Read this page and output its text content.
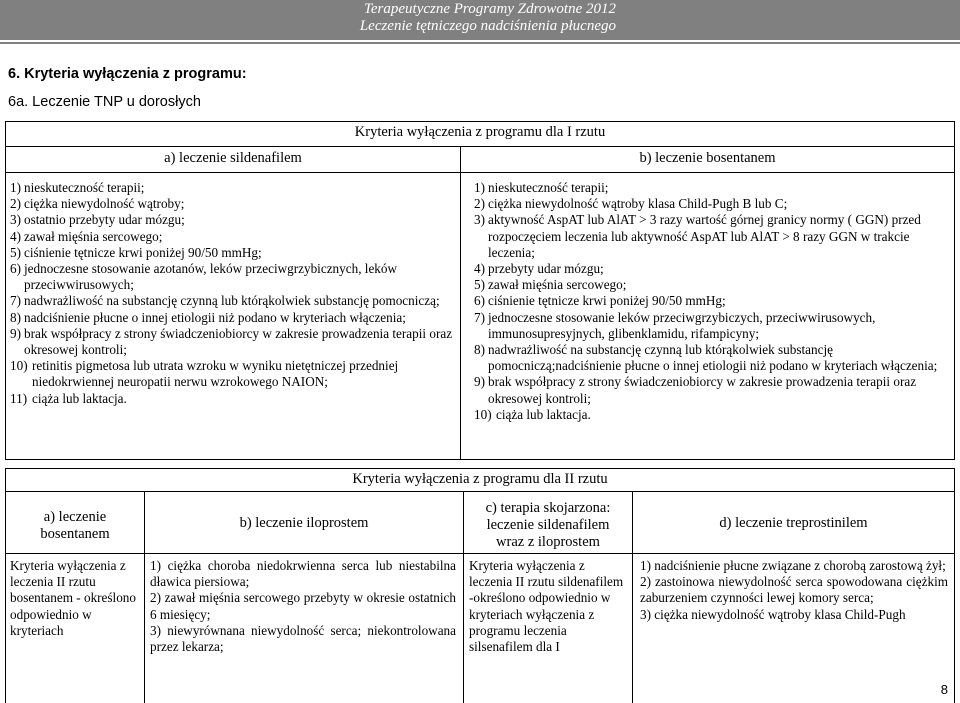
Terapeutyczne Programy Zdrowotne 2012
Leczenie tętniczego nadciśnienia płucnego
6. Kryteria wyłączenia z programu:
6a. Leczenie TNP u dorosłych
Kryteria wyłączenia z programu dla I rzutu
a) leczenie sildenafilem	b) leczenie bosentanem
1) nieskuteczność terapii;
2) ciężka niewydolność wątroby;
3) ostatnio przebyty udar mózgu;
4) zawał mięśnia sercowego;
5) ciśnienie tętnicze krwi poniżej 90/50 mmHg;
6) jednoczesne stosowanie azotanów, leków przeciwgrzybicznych, leków przeciwwirusowych;
7) nadwrażliwość na substancję czynną lub którąkolwiek substancję pomocniczą;
8) nadciśnienie płucne o innej etiologii niż podano w kryteriach włączenia;
9) brak współpracy z strony świadczeniobiorcy w zakresie prowadzenia terapii oraz okresowej kontroli;
10) retinitis pigmetosa lub utrata wzroku w wyniku nietętniczej przedniej niedokrwiennej neuropatii nerwu wzrokowego NAION;
11) ciąża lub laktacja.
1) nieskuteczność terapii;
2) ciężka niewydolność wątroby klasa Child-Pugh B lub C;
3) aktywność AspAT lub AlAT > 3 razy wartość górnej granicy normy ( GGN) przed rozpoczęciem leczenia lub aktywność AspAT lub AlAT > 8 razy GGN w trakcie leczenia;
4) przebyty udar mózgu;
5) zawał mięśnia sercowego;
6) ciśnienie tętnicze krwi poniżej 90/50 mmHg;
7) jednoczesne stosowanie leków przeciwgrzybiczych, przeciwwirusowych, immunosupresyjnych, glibenklamidu, rifampicyny;
8) nadwrażliwość na substancję czynną lub którąkolwiek substancję pomocniczą;nadciśnienie płucne o innej etiologii niż podano w kryteriach włączenia;
9) brak współpracy z strony świadczeniobiorcy w zakresie prowadzenia terapii oraz okresowej kontroli;
10) ciąża lub laktacja.
Kryteria wyłączenia z programu dla II rzutu
a) leczenie
bosentanem
b) leczenie iloprostem
c) terapia skojarzona:
leczenie sildenafilem
wraz z iloprostem
d) leczenie treprostinilem
Kryteria wyłączenia z leczenia II rzutu bosentanem - określono odpowiednio w kryteriach
1) ciężka choroba niedokrwienna serca lub niestabilna dławica piersiowa;
2) zawał mięśnia sercowego przebyty w okresie ostatnich 6 miesięcy;
3) niewyrównana niewydolność serca; niekontrolowana przez lekarza;
Kryteria wyłączenia z leczenia II rzutu sildenafilem -określono odpowiednio w kryteriach wyłączenia z programu leczenia silsenafilem dla I
1) nadciśnienie płucne związane z chorobą zarostową żył;
2) zastoinowa niewydolność serca spowodowana ciężkim zaburzeniem czynności lewej komory serca;
3) ciężka niewydolność wątroby klasa Child-Pugh
8
